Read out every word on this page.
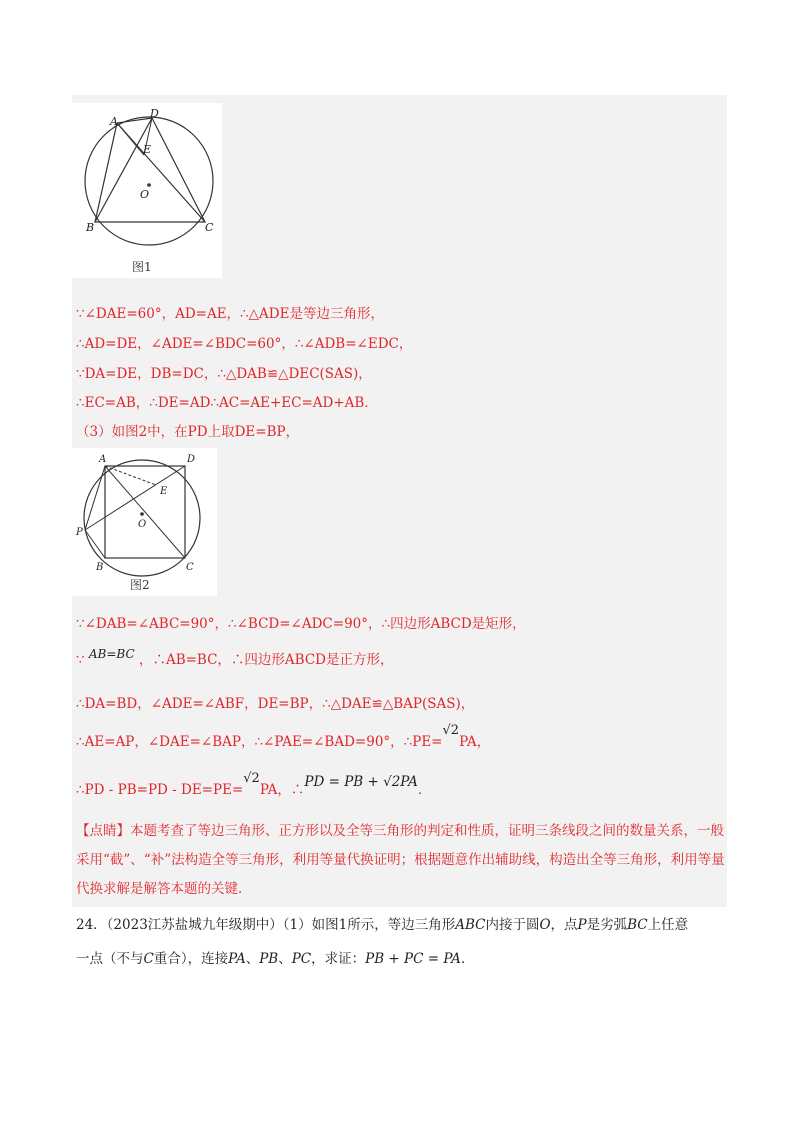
A
D
E
O
B	C
图1
∵∠DAE=60°，AD=AE，∴△ADE是等边三角形，
∴AD=DE，∠ADE=∠BDC=60°，∴∠ADB=∠EDC，
∵DA=DE，DB=DC，∴△DAB≌△DEC(SAS)，
∴EC=AB，∴DE=AD∴AC=AE+EC=AD+AB．
（3）如图2中，在PD上取DE=BP，
A	D
E
O
P
B	C
图2
∵∠DAB=∠ABC=90°，∴∠BCD=∠ADC=90°，∴四边形ABCD是矩形，
∵ AB=BC ，∴AB=BC，∴四边形ABCD是正方形，
∴DA=BD，∠ADE=∠ABF，DE=BP，∴△DAE≌△BAP(SAS)，
∴AE=AP，∠DAE=∠BAP，∴∠PAE=∠BAD=90°，∴PE=√2PA，
∴PD - PB=PD - DE=PE=√2PA，∴PD = PB + √2PA．
【点睛】本题考查了等边三角形、正方形以及全等三角形的判定和性质，证明三条线段之间的数量关系，一般采用“截”、“补”法构造全等三角形，利用等量代换证明；根据题意作出辅助线，构造出全等三角形，利用等量代换求解是解答本题的关键．
24．（2023江苏盐城九年级期中）（1）如图1所示，等边三角形ABC内接于圆O，点P是劣弧BC上任意
一点（不与C重合），连接PA、PB、PC，求证：PB + PC = PA．
